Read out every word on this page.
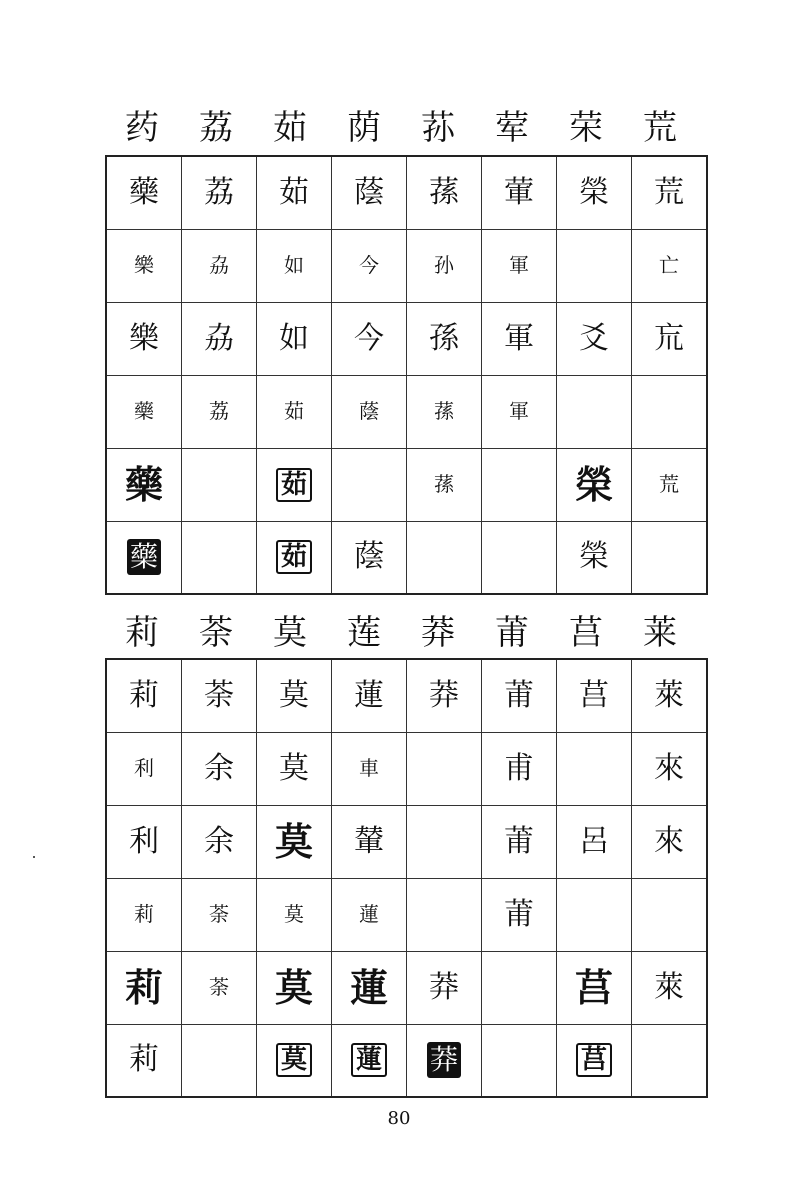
药	荔	茹	荫	荪	荤	荣	荒
藥	荔	茹	蔭	蓀	葷	榮	荒
樂	劦	如	今	孙	軍		亡
樂	劦	如	今	孫	軍	爻	巟
藥	荔	茹	蔭	蓀	軍		
藥		茹		蓀		榮	荒
藥		茹	蔭			榮	
莉	荼	莫	莲	莽	莆	莒	莱
莉	荼	莫	蓮	莽	莆	莒	萊
利	余	莫	車		甫		來
利	余	莫	輦		莆	呂	來
莉	荼	莫	蓮		莆		
莉	荼	莫	蓮	莽		莒	萊
莉		莫	蓮	莽		莒	
80
